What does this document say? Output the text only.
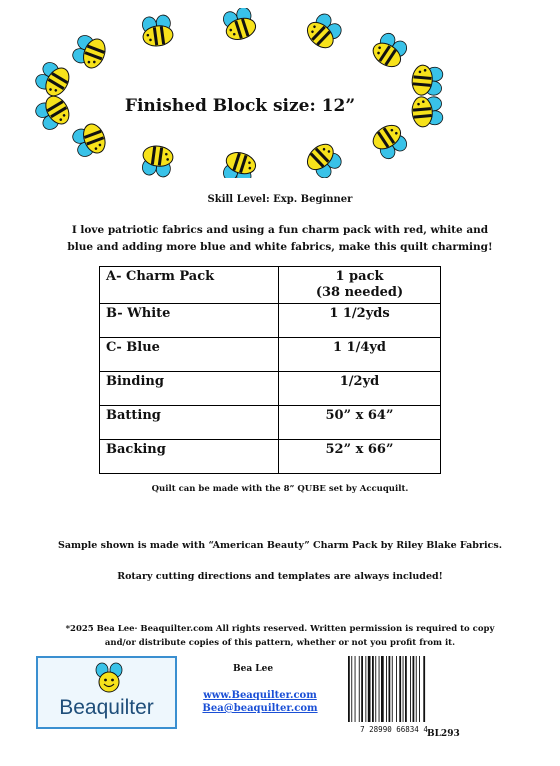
Finished Block size: 12”
Skill Level: Exp. Beginner
I love patriotic fabrics and using a fun charm pack with red, white and
blue and adding more blue and white fabrics, make this quilt charming!
A- Charm Pack	1 pack
(38 needed)

B- White	1 1/2yds
C- Blue	1 1/4yd
Binding	1/2yd
Batting	50” x 64”
Backing	52” x 66”
Quilt can be made with the 8” QUBE set by Accuquilt.
Sample shown is made with “American Beauty” Charm Pack by Riley Blake Fabrics.
Rotary cutting directions and templates are always included!
*2025 Bea Lee· Beaquilter.com All rights reserved. Written permission is required to copy
and/or distribute copies of this pattern, whether or not you profit from it.
Beaquilter
Bea Lee
www.Beaquilter.com
Bea@beaquilter.com
7 28990 66834 4 BL293
